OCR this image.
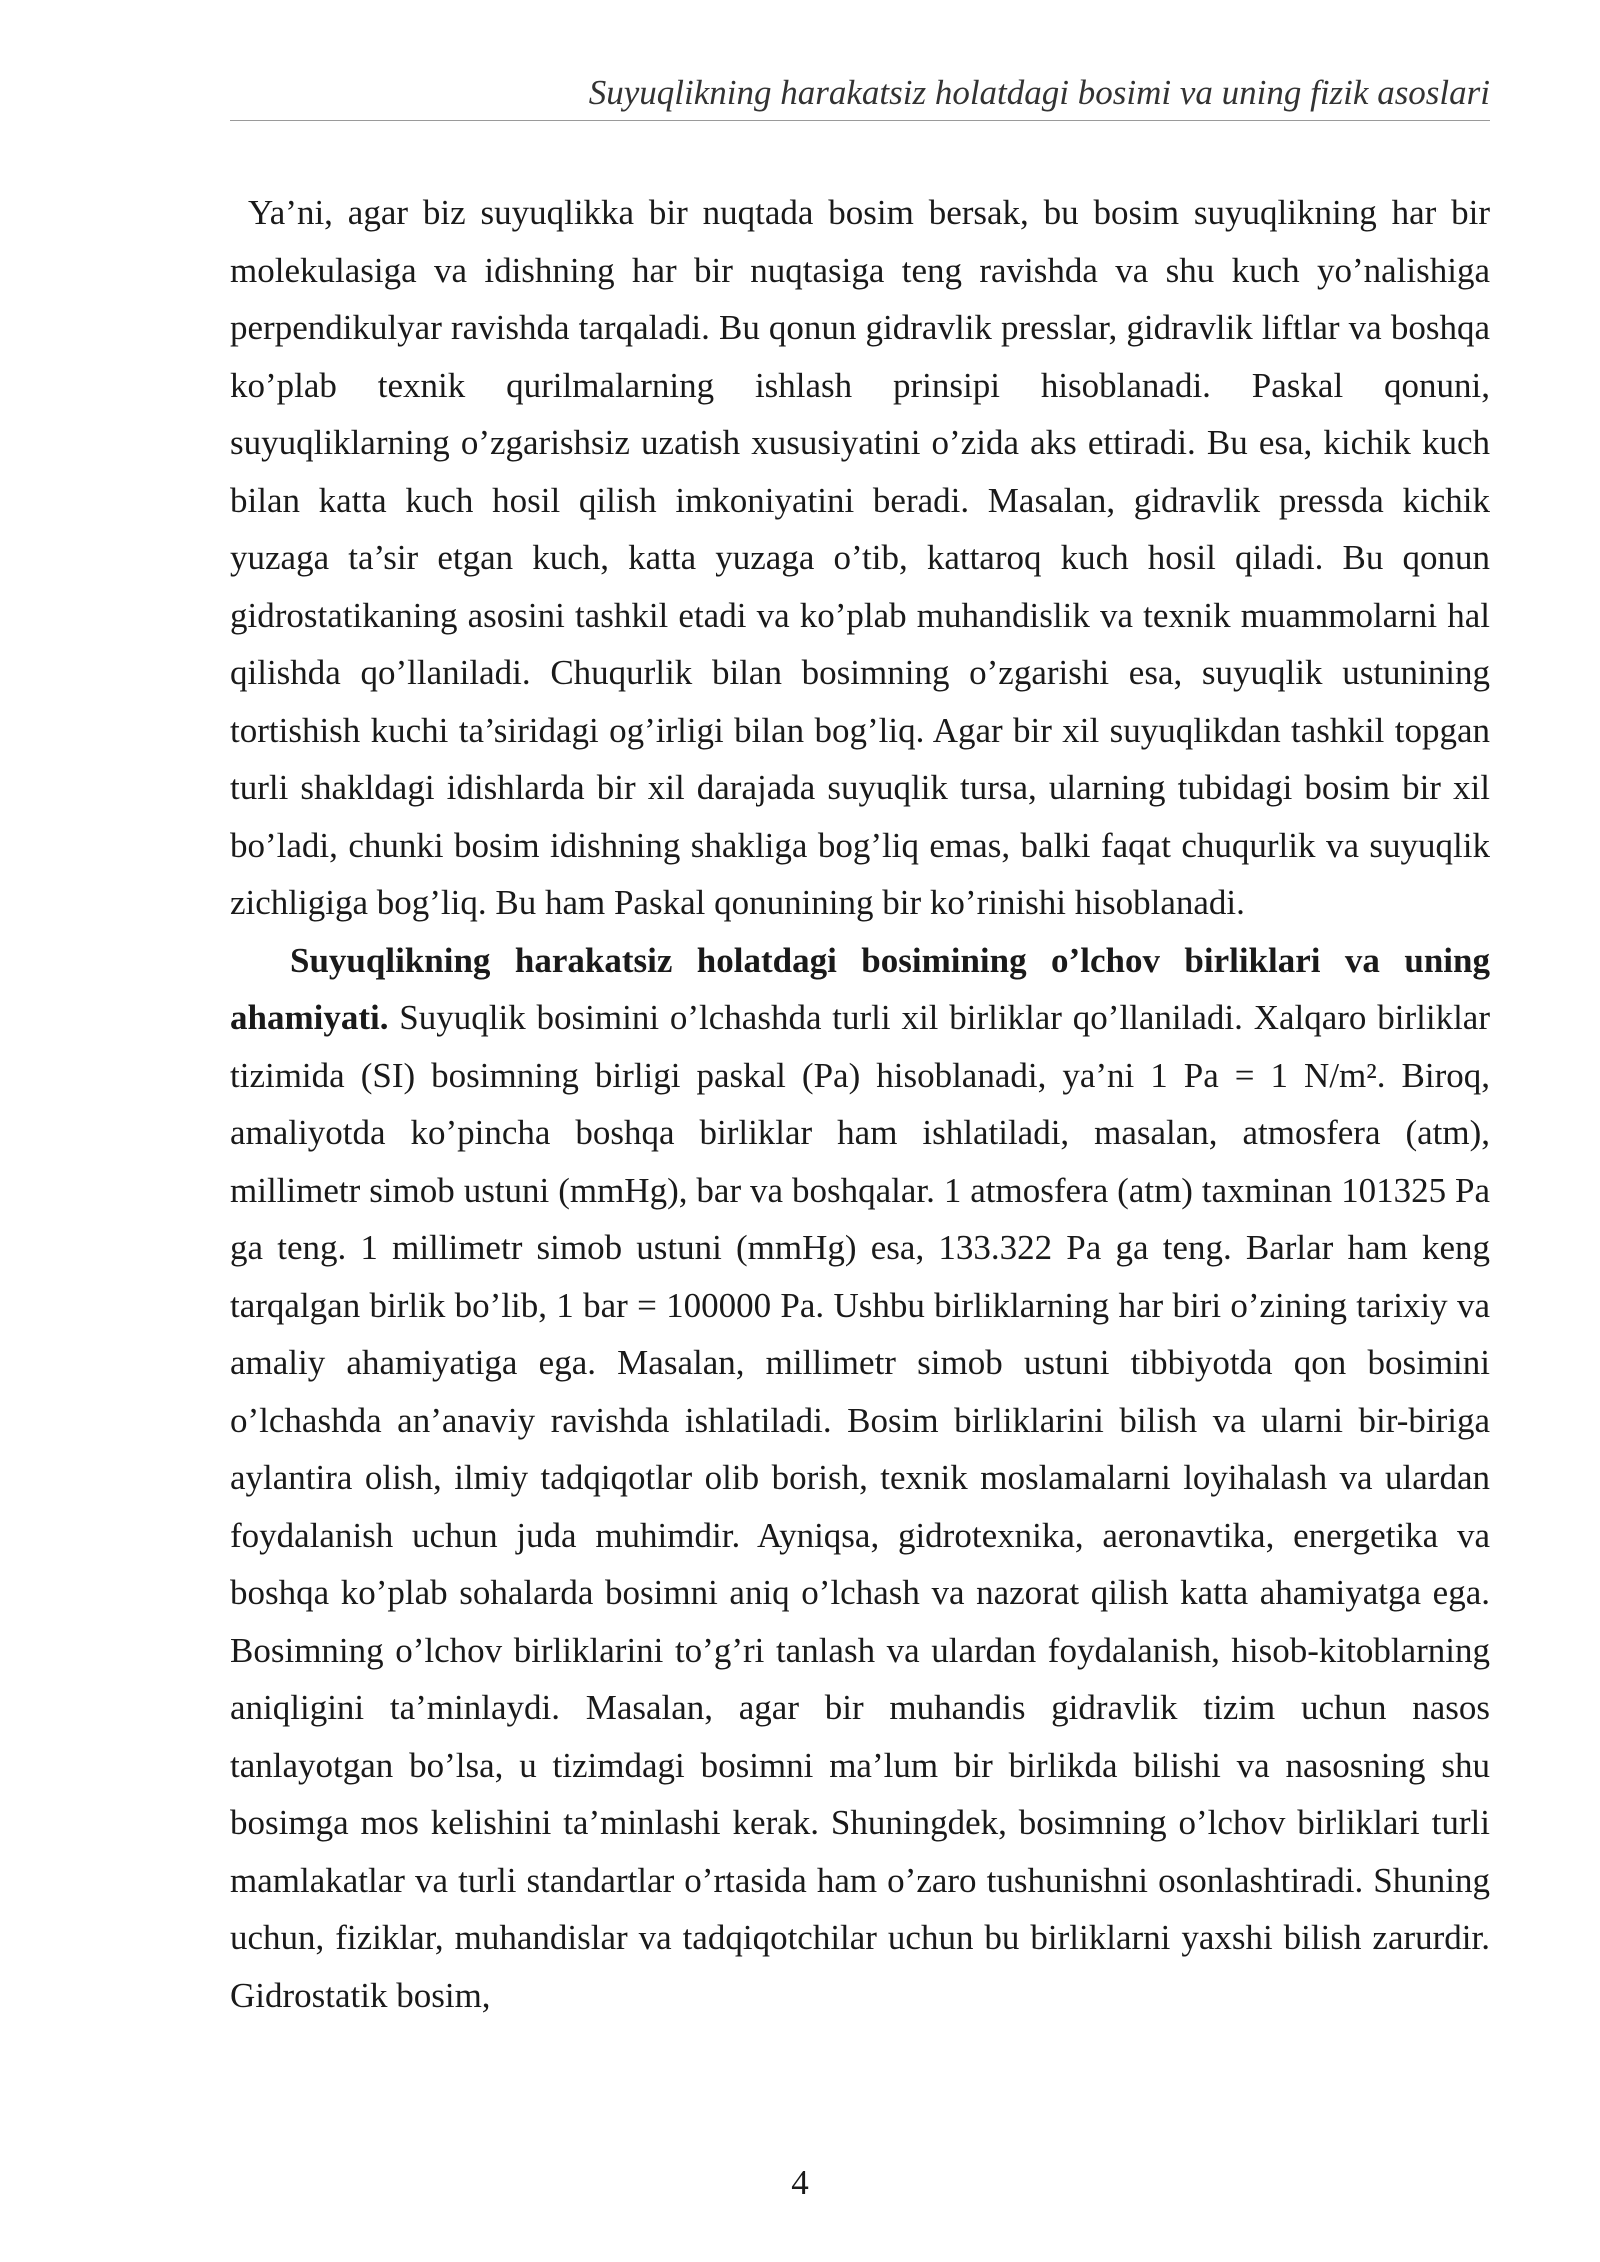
Suyuqlikning harakatsiz holatdagi bosimi va uning fizik asoslari

Ya’ni, agar biz suyuqlikka bir nuqtada bosim bersak, bu bosim suyuqlikning har bir molekulasiga va idishning har bir nuqtasiga teng ravishda va shu kuch yo’nalishiga perpendikulyar ravishda tarqaladi. Bu qonun gidravlik presslar, gidravlik liftlar va boshqa ko’plab texnik qurilmalarning ishlash prinsipi hisoblanadi. Paskal qonuni, suyuqliklarning o’zgarishsiz uzatish xususiyatini o’zida aks ettiradi. Bu esa, kichik kuch bilan katta kuch hosil qilish imkoniyatini beradi. Masalan, gidravlik pressda kichik yuzaga ta’sir etgan kuch, katta yuzaga o’tib, kattaroq kuch hosil qiladi. Bu qonun gidrostatikaning asosini tashkil etadi va ko’plab muhandislik va texnik muammolarni hal qilishda qo’llaniladi. Chuqurlik bilan bosimning o’zgarishi esa, suyuqlik ustunining tortishish kuchi ta’siridagi og’irligi bilan bog’liq. Agar bir xil suyuqlikdan tashkil topgan turli shakldagi idishlarda bir xil darajada suyuqlik tursa, ularning tubidagi bosim bir xil bo’ladi, chunki bosim idishning shakliga bog’liq emas, balki faqat chuqurlik va suyuqlik zichligiga bog’liq. Bu ham Paskal qonunining bir ko’rinishi hisoblanadi.

Suyuqlikning harakatsiz holatdagi bosimining o’lchov birliklari va uning ahamiyati. Suyuqlik bosimini o’lchashda turli xil birliklar qo’llaniladi. Xalqaro birliklar tizimida (SI) bosimning birligi paskal (Pa) hisoblanadi, ya’ni 1 Pa = 1 N/m². Biroq, amaliyotda ko’pincha boshqa birliklar ham ishlatiladi, masalan, atmosfera (atm), millimetr simob ustuni (mmHg), bar va boshqalar. 1 atmosfera (atm) taxminan 101325 Pa ga teng. 1 millimetr simob ustuni (mmHg) esa, 133.322 Pa ga teng. Barlar ham keng tarqalgan birlik bo’lib, 1 bar = 100000 Pa. Ushbu birliklarning har biri o’zining tarixiy va amaliy ahamiyatiga ega. Masalan, millimetr simob ustuni tibbiyotda qon bosimini o’lchashda an’anaviy ravishda ishlatiladi. Bosim birliklarini bilish va ularni bir-biriga aylantira olish, ilmiy tadqiqotlar olib borish, texnik moslamalarni loyihalash va ulardan foydalanish uchun juda muhimdir. Ayniqsa, gidrotexnika, aeronavtika, energetika va boshqa ko’plab sohalarda bosimni aniq o’lchash va nazorat qilish katta ahamiyatga ega. Bosimning o’lchov birliklarini to’g’ri tanlash va ulardan foydalanish, hisob-kitoblarning aniqligini ta’minlaydi. Masalan, agar bir muhandis gidravlik tizim uchun nasos tanlayotgan bo’lsa, u tizimdagi bosimni ma’lum bir birlikda bilishi va nasosning shu bosimga mos kelishini ta’minlashi kerak. Shuningdek, bosimning o’lchov birliklari turli mamlakatlar va turli standartlar o’rtasida ham o’zaro tushunishni osonlashtiradi. Shuning uchun, fiziklar, muhandislar va tadqiqotchilar uchun bu birliklarni yaxshi bilish zarurdir. Gidrostatik bosim,

4
